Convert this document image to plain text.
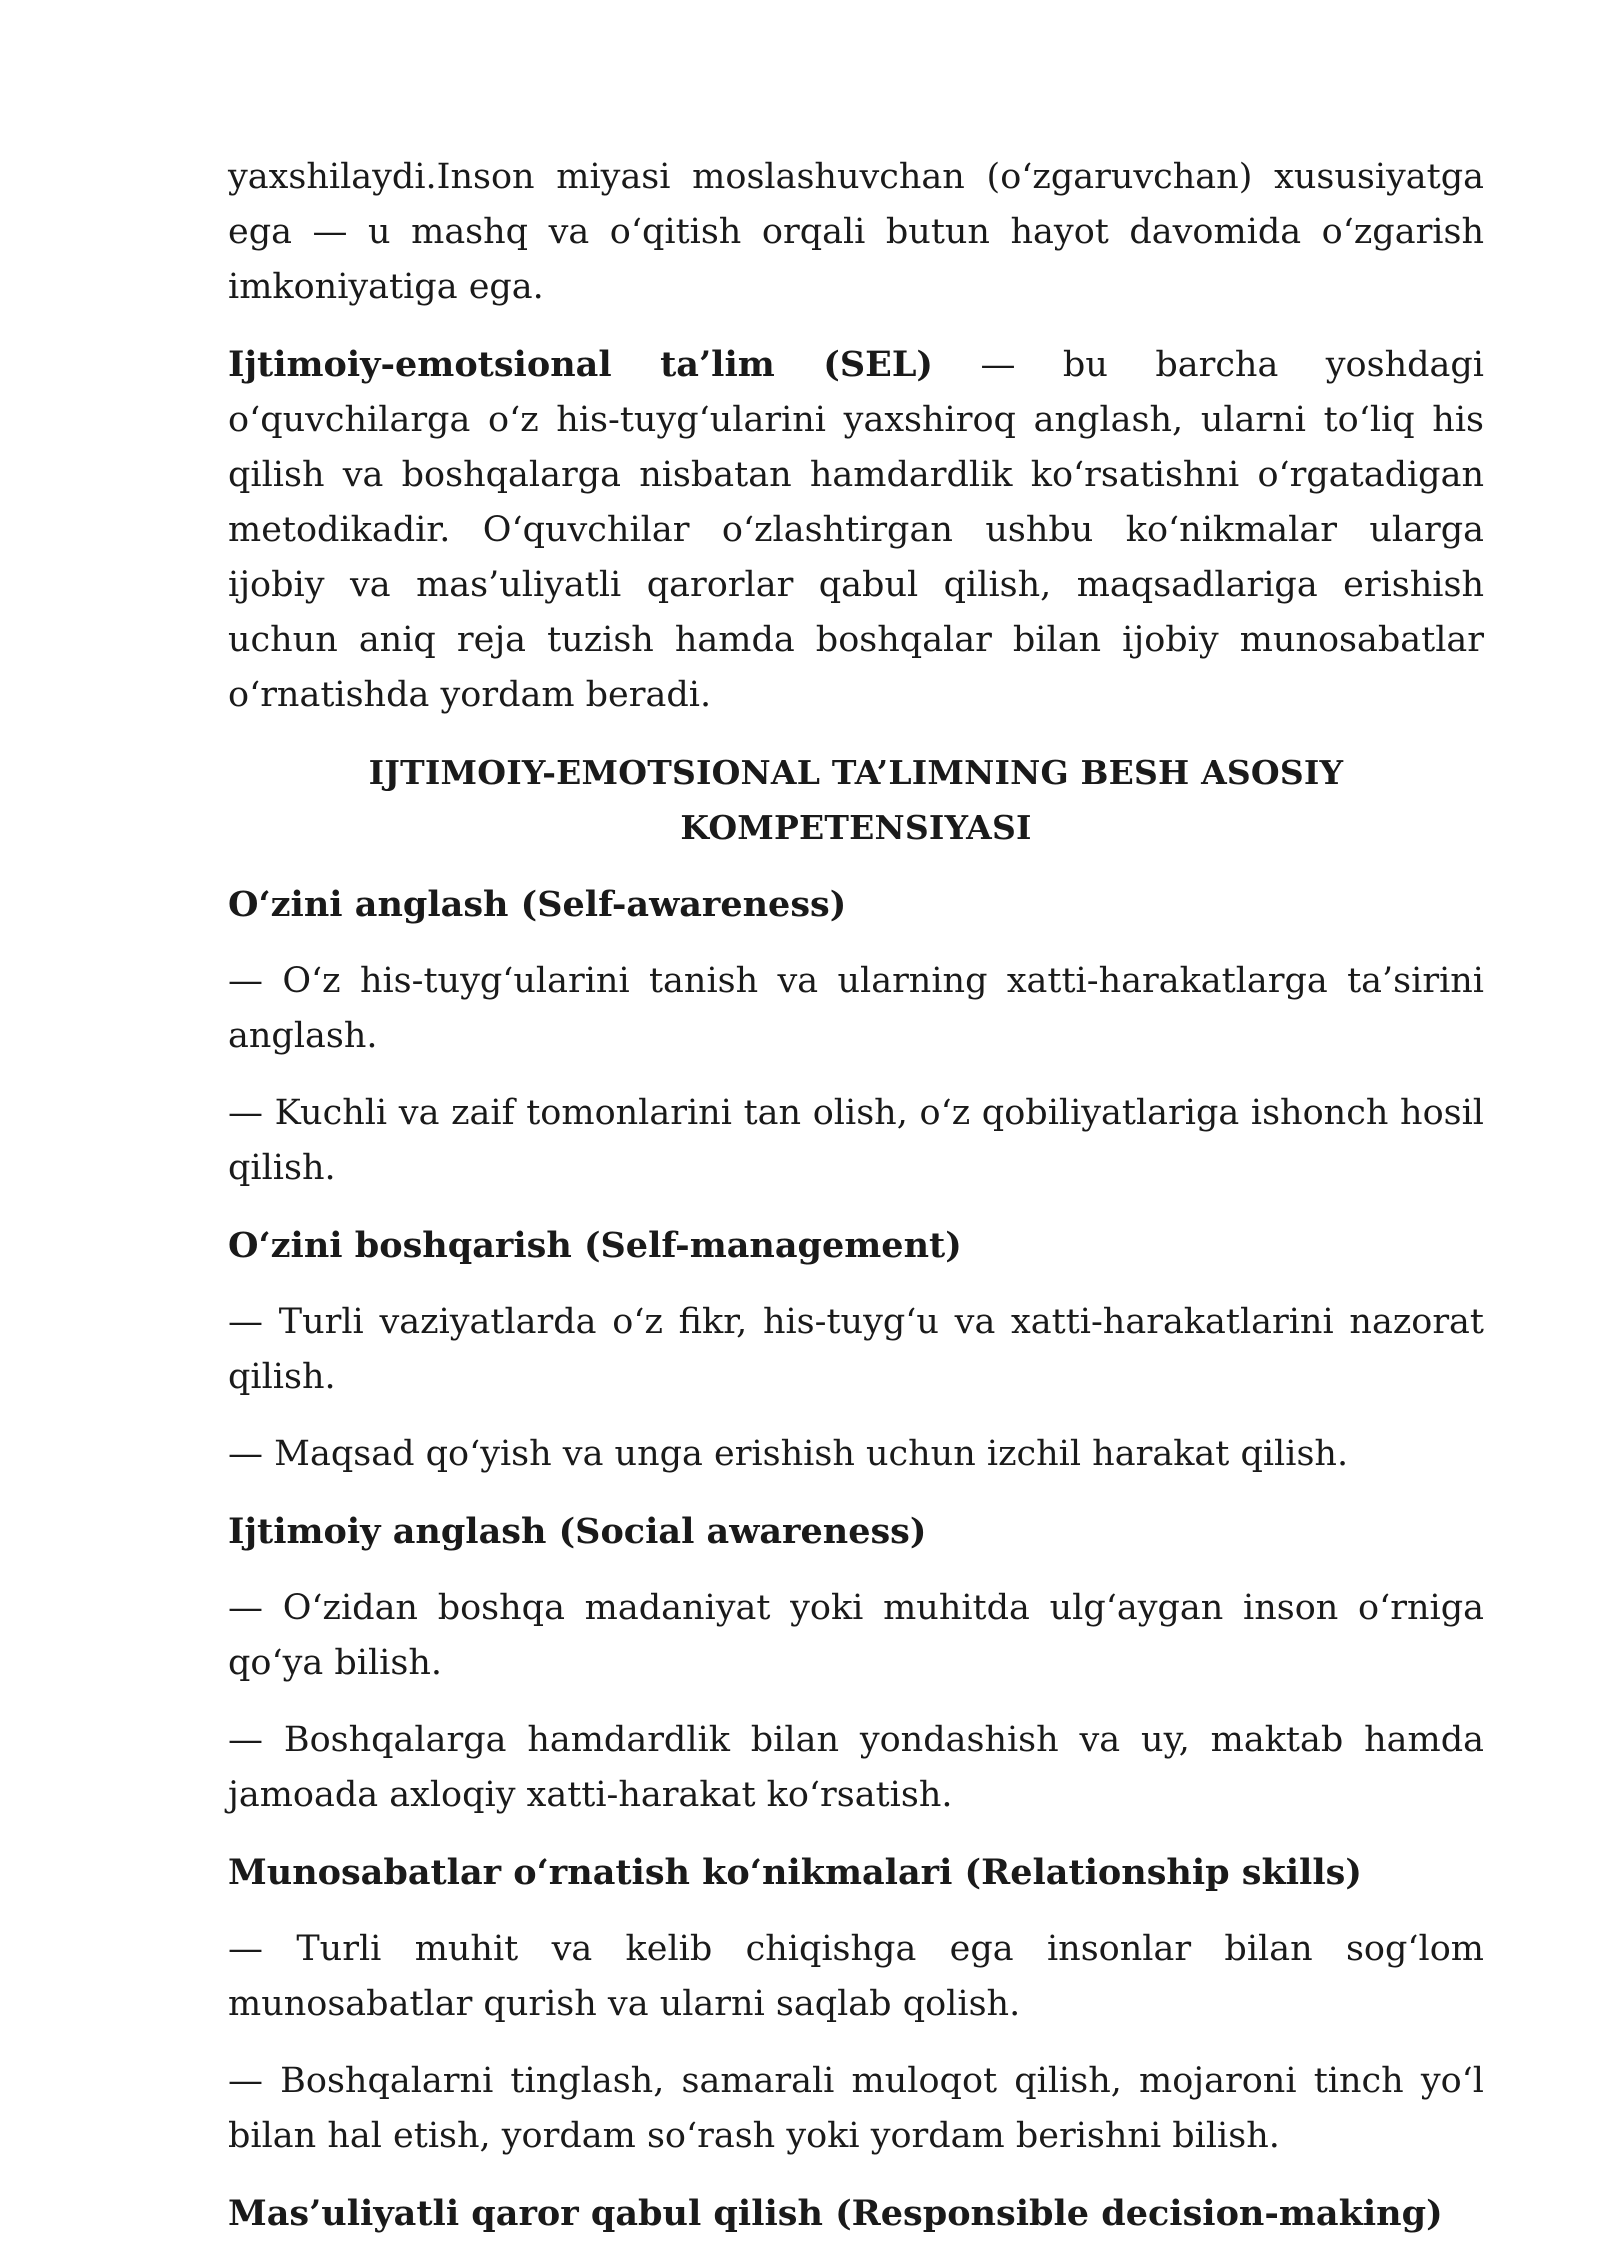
yaxshilaydi.Inson miyasi moslashuvchan (o‘zgaruvchan) xususiyatga ega — u mashq va o‘qitish orqali butun hayot davomida o‘zgarish imkoniyatiga ega.

Ijtimoiy-emotsional ta’lim (SEL) — bu barcha yoshdagi o‘quvchilarga o‘z his-tuyg‘ularini yaxshiroq anglash, ularni to‘liq his qilish va boshqalarga nisbatan hamdardlik ko‘rsatishni o‘rgatadigan metodikadir. O‘quvchilar o‘zlashtirgan ushbu ko‘nikmalar ularga ijobiy va mas’uliyatli qarorlar qabul qilish, maqsadlariga erishish uchun aniq reja tuzish hamda boshqalar bilan ijobiy munosabatlar o‘rnatishda yordam beradi.

IJTIMOIY-EMOTSIONAL TA’LIMNING BESH ASOSIY KOMPETENSIYASI

O‘zini anglash (Self-awareness)

— O‘z his-tuyg‘ularini tanish va ularning xatti-harakatlarga ta’sirini anglash.

— Kuchli va zaif tomonlarini tan olish, o‘z qobiliyatlariga ishonch hosil qilish.

O‘zini boshqarish (Self-management)

— Turli vaziyatlarda o‘z fikr, his-tuyg‘u va xatti-harakatlarini nazorat qilish.

— Maqsad qo‘yish va unga erishish uchun izchil harakat qilish.

Ijtimoiy anglash (Social awareness)

— O‘zidan boshqa madaniyat yoki muhitda ulg‘aygan inson o‘rniga qo‘ya bilish.

— Boshqalarga hamdardlik bilan yondashish va uy, maktab hamda jamoada axloqiy xatti-harakat ko‘rsatish.

Munosabatlar o‘rnatish ko‘nikmalari (Relationship skills)

— Turli muhit va kelib chiqishga ega insonlar bilan sog‘lom munosabatlar qurish va ularni saqlab qolish.

— Boshqalarni tinglash, samarali muloqot qilish, mojaroni tinch yo‘l bilan hal etish, yordam so‘rash yoki yordam berishni bilish.

Mas’uliyatli qaror qabul qilish (Responsible decision-making)
